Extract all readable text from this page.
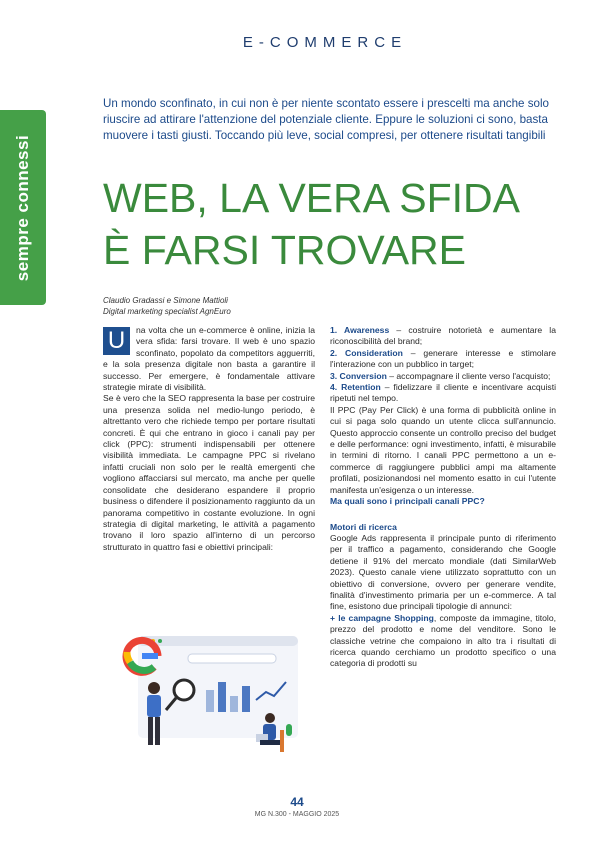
sempre connessi
E-COMMERCE
Un mondo sconfinato, in cui non è per niente scontato essere i prescelti ma anche solo riuscire ad attirare l'attenzione del potenziale cliente. Eppure le soluzioni ci sono, basta muovere i tasti giusti. Toccando più leve, social compresi, per ottenere risultati tangibili
WEB, LA VERA SFIDA
È FARSI TROVARE
Claudio Gradassi e Simone Mattioli
Digital marketing specialist AgnEuro
U	na volta che un e-commerce è online, inizia la vera sfida: farsi trovare. Il web è uno spazio sconfinato, popolato da competitors agguerriti, e la sola presenza digitale non basta a garantire il successo. Per emergere, è fondamentale attivare strategie mirate di visibilità.

Se è vero che la SEO rappresenta la base per costruire una presenza solida nel medio-lungo periodo, è altrettanto vero che richiede tempo per portare risultati concreti. È qui che entrano in gioco i canali pay per click (PPC): strumenti indispensabili per ottenere visibilità immediata. Le campagne PPC si rivelano infatti cruciali non solo per le realtà emergenti che vogliono affacciarsi sul mercato, ma anche per quelle consolidate che desiderano espandere il proprio business o difendere il posizionamento raggiunto da un panorama competitivo in costante evoluzione. In ogni strategia di digital marketing, le attività a pagamento trovano il loro spazio all'interno di un percorso strutturato in quattro fasi e obiettivi principali:

1. Awareness – costruire notorietà e aumentare la riconoscibilità del brand;

2. Consideration – generare interesse e stimolare l'interazione con un pubblico in target;

3. Conversion – accompagnare il cliente verso l'acquisto;

4. Retention – fidelizzare il cliente e incentivare acquisti ripetuti nel tempo.

Il PPC (Pay Per Click) è una forma di pubblicità online in cui si paga solo quando un utente clicca sull'annuncio. Questo approccio consente un controllo preciso del budget e delle performance: ogni investimento, infatti, è misurabile in termini di ritorno. I canali PPC permettono a un e-commerce di raggiungere pubblici ampi ma altamente profilati, posizionandosi nel momento esatto in cui l'utente manifesta un'esigenza o un interesse.

Ma quali sono i principali canali PPC?

Motori di ricerca

Google Ads rappresenta il principale punto di riferimento per il traffico a pagamento, considerando che Google detiene il 91% del mercato mondiale (dati SimilarWeb 2023). Questo canale viene utilizzato soprattutto con un obiettivo di conversione, ovvero per generare vendite, finalità d'investimento primaria per un e-commerce. A tal fine, esistono due principali tipologie di annunci:

+ le campagne Shopping, composte da immagine, titolo, prezzo del prodotto e nome del venditore. Sono le classiche vetrine che compaiono in alto tra i risultati di ricerca quando cerchiamo un prodotto specifico o una categoria di prodotti su

44
MG N.300 - MAGGIO 2025
